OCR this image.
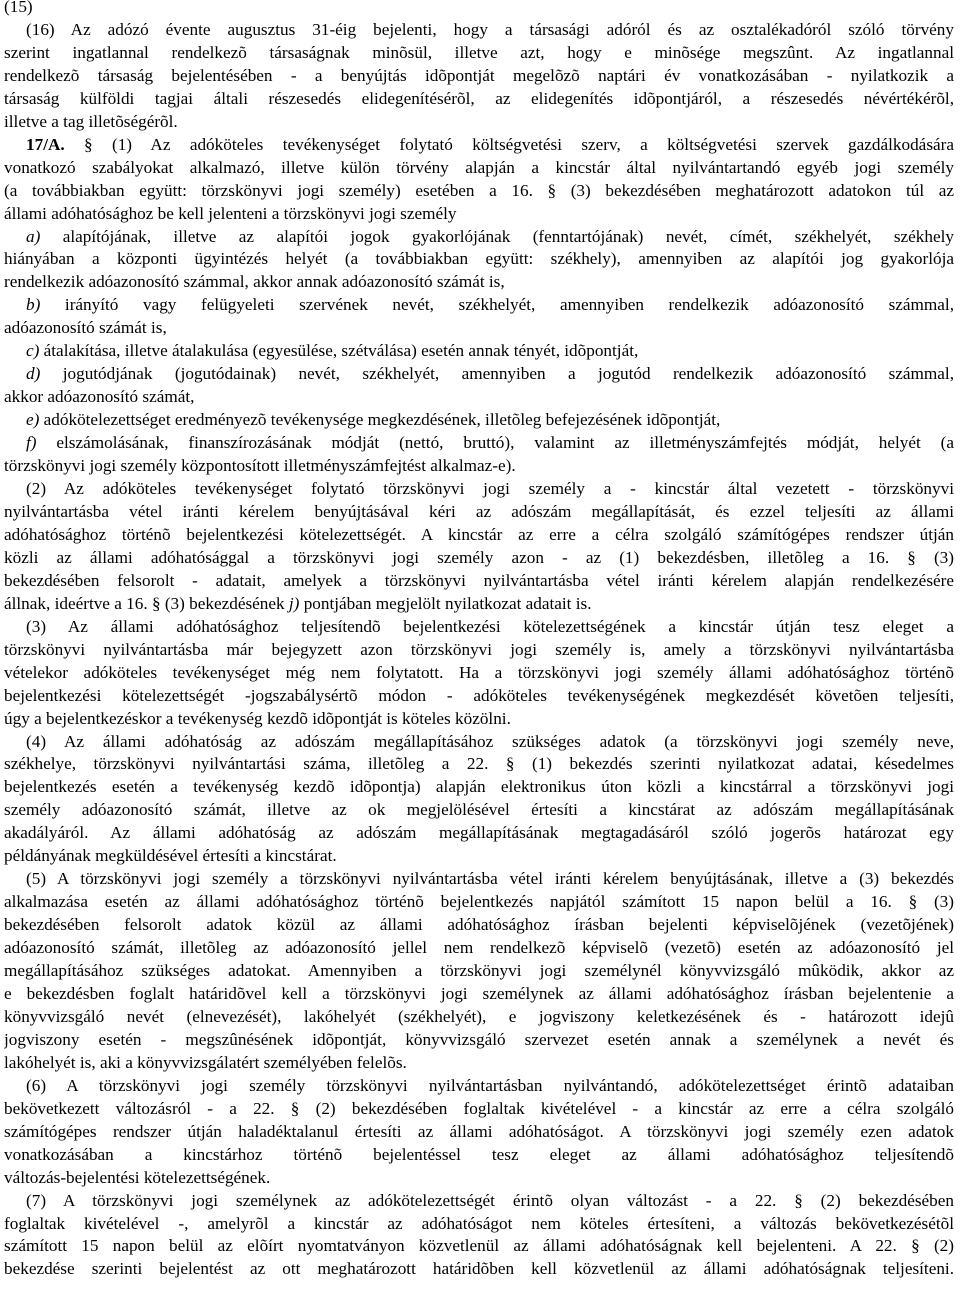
(15)
(16) Az adózó évente augusztus 31-éig bejelenti, hogy a társasági adóról és az osztalékadóról szóló törvény
szerint ingatlannal rendelkezõ társaságnak minõsül, illetve azt, hogy e minõsége megszûnt. Az ingatlannal
rendelkezõ társaság bejelentésében - a benyújtás idõpontját megelõzõ naptári év vonatkozásában - nyilatkozik a
társaság külföldi tagjai általi részesedés elidegenítésérõl, az elidegenítés idõpontjáról, a részesedés névértékérõl,
illetve a tag illetõségérõl.
17/A. § (1) Az adóköteles tevékenységet folytató költségvetési szerv, a költségvetési szervek gazdálkodására
vonatkozó szabályokat alkalmazó, illetve külön törvény alapján a kincstár által nyilvántartandó egyéb jogi személy
(a továbbiakban együtt: törzskönyvi jogi személy) esetében a 16. § (3) bekezdésében meghatározott adatokon túl az
állami adóhatósághoz be kell jelenteni a törzskönyvi jogi személy
a) alapítójának, illetve az alapítói jogok gyakorlójának (fenntartójának) nevét, címét, székhelyét, székhely
hiányában a központi ügyintézés helyét (a továbbiakban együtt: székhely), amennyiben az alapítói jog gyakorlója
rendelkezik adóazonosító számmal, akkor annak adóazonosító számát is,
b) irányító vagy felügyeleti szervének nevét, székhelyét, amennyiben rendelkezik adóazonosító számmal,
adóazonosító számát is,
c) átalakítása, illetve átalakulása (egyesülése, szétválása) esetén annak tényét, idõpontját,
d) jogutódjának (jogutódainak) nevét, székhelyét, amennyiben a jogutód rendelkezik adóazonosító számmal,
akkor adóazonosító számát,
e) adókötelezettséget eredményezõ tevékenysége megkezdésének, illetõleg befejezésének idõpontját,
f) elszámolásának, finanszírozásának módját (nettó, bruttó), valamint az illetményszámfejtés módját, helyét (a
törzskönyvi jogi személy központosított illetményszámfejtést alkalmaz-e).
(2) Az adóköteles tevékenységet folytató törzskönyvi jogi személy a - kincstár által vezetett - törzskönyvi
nyilvántartásba vétel iránti kérelem benyújtásával kéri az adószám megállapítását, és ezzel teljesíti az állami
adóhatósághoz történõ bejelentkezési kötelezettségét. A kincstár az erre a célra szolgáló számítógépes rendszer útján
közli az állami adóhatósággal a törzskönyvi jogi személy azon - az (1) bekezdésben, illetõleg a 16. § (3)
bekezdésében felsorolt - adatait, amelyek a törzskönyvi nyilvántartásba vétel iránti kérelem alapján rendelkezésére
állnak, ideértve a 16. § (3) bekezdésének j) pontjában megjelölt nyilatkozat adatait is.
(3) Az állami adóhatósághoz teljesítendõ bejelentkezési kötelezettségének a kincstár útján tesz eleget a
törzskönyvi nyilvántartásba már bejegyzett azon törzskönyvi jogi személy is, amely a törzskönyvi nyilvántartásba
vételekor adóköteles tevékenységet még nem folytatott. Ha a törzskönyvi jogi személy állami adóhatósághoz történõ
bejelentkezési kötelezettségét -jogszabálysértõ módon - adóköteles tevékenységének megkezdését követõen teljesíti,
úgy a bejelentkezéskor a tevékenység kezdõ idõpontját is köteles közölni.
(4) Az állami adóhatóság az adószám megállapításához szükséges adatok (a törzskönyvi jogi személy neve,
székhelye, törzskönyvi nyilvántartási száma, illetõleg a 22. § (1) bekezdés szerinti nyilatkozat adatai, késedelmes
bejelentkezés esetén a tevékenység kezdõ idõpontja) alapján elektronikus úton közli a kincstárral a törzskönyvi jogi
személy adóazonosító számát, illetve az ok megjelölésével értesíti a kincstárat az adószám megállapításának
akadályáról. Az állami adóhatóság az adószám megállapításának megtagadásáról szóló jogerõs határozat egy
példányának megküldésével értesíti a kincstárat.
(5) A törzskönyvi jogi személy a törzskönyvi nyilvántartásba vétel iránti kérelem benyújtásának, illetve a (3) bekezdés
alkalmazása esetén az állami adóhatósághoz történõ bejelentkezés napjától számított 15 napon belül a 16. § (3)
bekezdésében felsorolt adatok közül az állami adóhatósághoz írásban bejelenti képviselõjének (vezetõjének)
adóazonosító számát, illetõleg az adóazonosító jellel nem rendelkezõ képviselõ (vezetõ) esetén az adóazonosító jel
megállapításához szükséges adatokat. Amennyiben a törzskönyvi jogi személynél könyvvizsgáló mûködik, akkor az
e bekezdésben foglalt határidõvel kell a törzskönyvi jogi személynek az állami adóhatósághoz írásban bejelentenie a
könyvvizsgáló nevét (elnevezését), lakóhelyét (székhelyét), e jogviszony keletkezésének és - határozott idejû
jogviszony esetén - megszûnésének idõpontját, könyvvizsgáló szervezet esetén annak a személynek a nevét és
lakóhelyét is, aki a könyvvizsgálatért személyében felelõs.
(6) A törzskönyvi jogi személy törzskönyvi nyilvántartásban nyilvántandó, adókötelezettséget érintõ adataiban
bekövetkezett változásról - a 22. § (2) bekezdésében foglaltak kivételével - a kincstár az erre a célra szolgáló
számítógépes rendszer útján haladéktalanul értesíti az állami adóhatóságot. A törzskönyvi jogi személy ezen adatok
vonatkozásában a kincstárhoz történõ bejelentéssel tesz eleget az állami adóhatósághoz teljesítendõ
változás-bejelentési kötelezettségének.
(7) A törzskönyvi jogi személynek az adókötelezettségét érintõ olyan változást - a 22. § (2) bekezdésében
foglaltak kivételével -, amelyrõl a kincstár az adóhatóságot nem köteles értesíteni, a változás bekövetkezésétõl
számított 15 napon belül az elõírt nyomtatványon közvetlenül az állami adóhatóságnak kell bejelenteni. A 22. § (2)
bekezdése szerinti bejelentést az ott meghatározott határidõben kell közvetlenül az állami adóhatóságnak teljesíteni.
